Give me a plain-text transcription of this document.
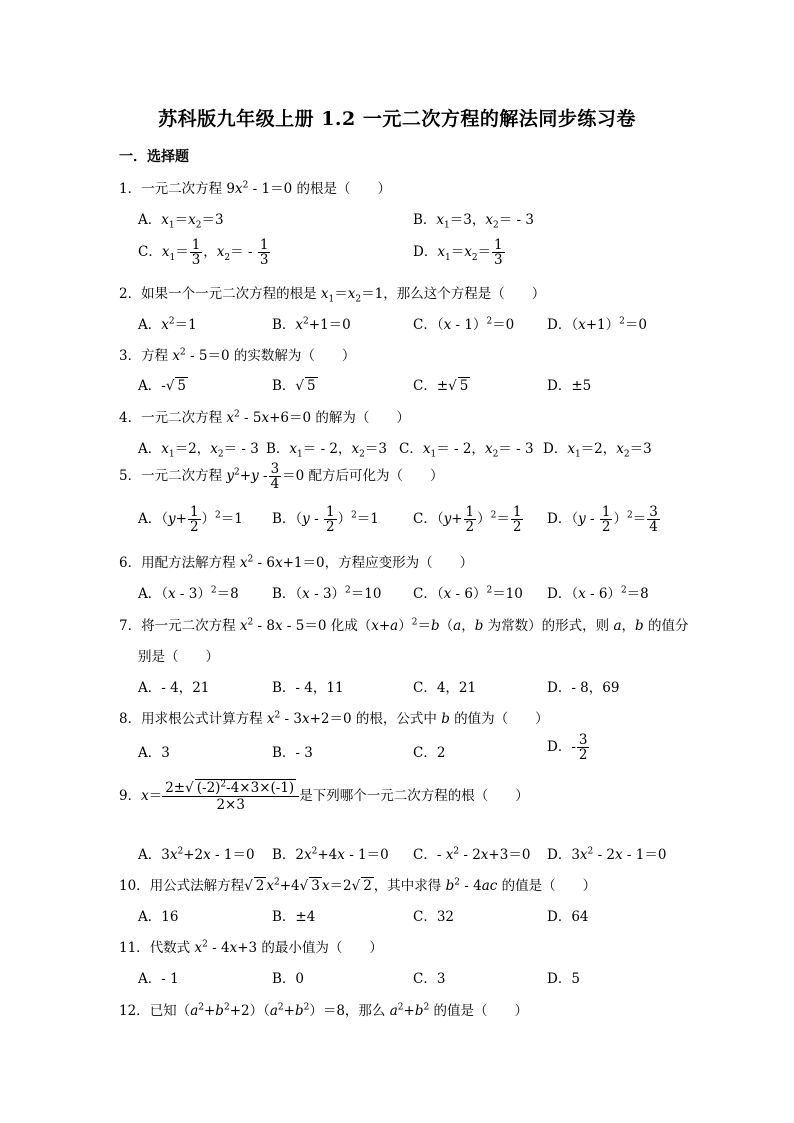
苏科版九年级上册 1.2 一元二次方程的解法同步练习卷
一．选择题
1．一元二次方程 $9x^2 - 1=0$ 的根是（　　）
A．$x_1=x_2=3$	B．$x_1=3$，$x_2= - 3$
C．$x_1= \frac{1}{3}$ ，$x_2= - \frac{1}{3}$	D．$x_1=x_2= \frac{1}{3}$
2．如果一个一元二次方程的根是 $x_1=x_2=1$，那么这个方程是（　　）
A．$x^2=1$	B．$x^2+1=0$	C．（x - 1）$^2$＝0 D．$(x+1)^2=0$
3．方程 $x^2 - 5=0$ 的实数解为（　　）
A．-√ 5	B．√ 5	C．±√ 5	D．±5
4．一元二次方程 $x^2 - 5x+6=0$ 的解为（　　）
A．$x_1=2$，$x_2= - 3$ B．$x_1= - 2$，$x_2=3$ C．$x_1= - 2$，$x_2= - 3$ D．$x_1=2$，$x_2=3$
5．一元二次方程 $y^2+y - \frac{3}{4} =0$ 配方后可化为（　　）
A．$(y+ \frac{1}{2} )^2=1$ B．$(y - \frac{1}{2} )^2=1$	C．$(y+ \frac{1}{2} )^2= \frac{1}{2}$ D．$(y - \frac{1}{2} )^2= \frac{3}{4}$
6．用配方法解方程 $x^2 - 6x+1=0$，方程应变形为（　　）
A．（x - 3）$^2$＝8 B．（x - 3）$^2$＝10 C．（x - 6）$^2$＝10 D．（x - 6）$^2$＝8
7．将一元二次方程 $x^2 - 8x - 5=0$ 化成$(x+a)^2=b(a$，b 为常数）的形式，则 a，b 的值分
别是（　　）
A．- 4，21	B．- 4，11	C．4，21	D．- 8，69
8．用求根公式计算方程 $x^2 - 3x+2=0$ 的根，公式中 b 的值为（　　）
A．3	B．- 3	C．2	D．- $\frac{3}{2}$
9．$x= \frac{2\pm√ (-2)^2-4\times 3\times(-1)}{2\times 3}$ 是下列哪个一元二次方程的根（　　）
A．$3x^2+2x - 1=0$ B．$2x^2+4x - 1=0$ C．- $x^2 - 2x+3=0$ D．$3x^2 - 2x - 1=0$
10．用公式法解方程√ 2 $x^2+4√$ 3 x＝2√ 2 ，其中求得 $b^2 - 4ac$ 的值是（　　）
A．16	B．±4	C．32	D．64
11．代数式 $x^2 - 4x+3$ 的最小值为（　　）
A．- 1	B．0	C．3	D．5
12．已知$(a^2+b^2+2)(a^2+b^2)=8$，那么 $a^2+b^2$ 的值是（　　）
